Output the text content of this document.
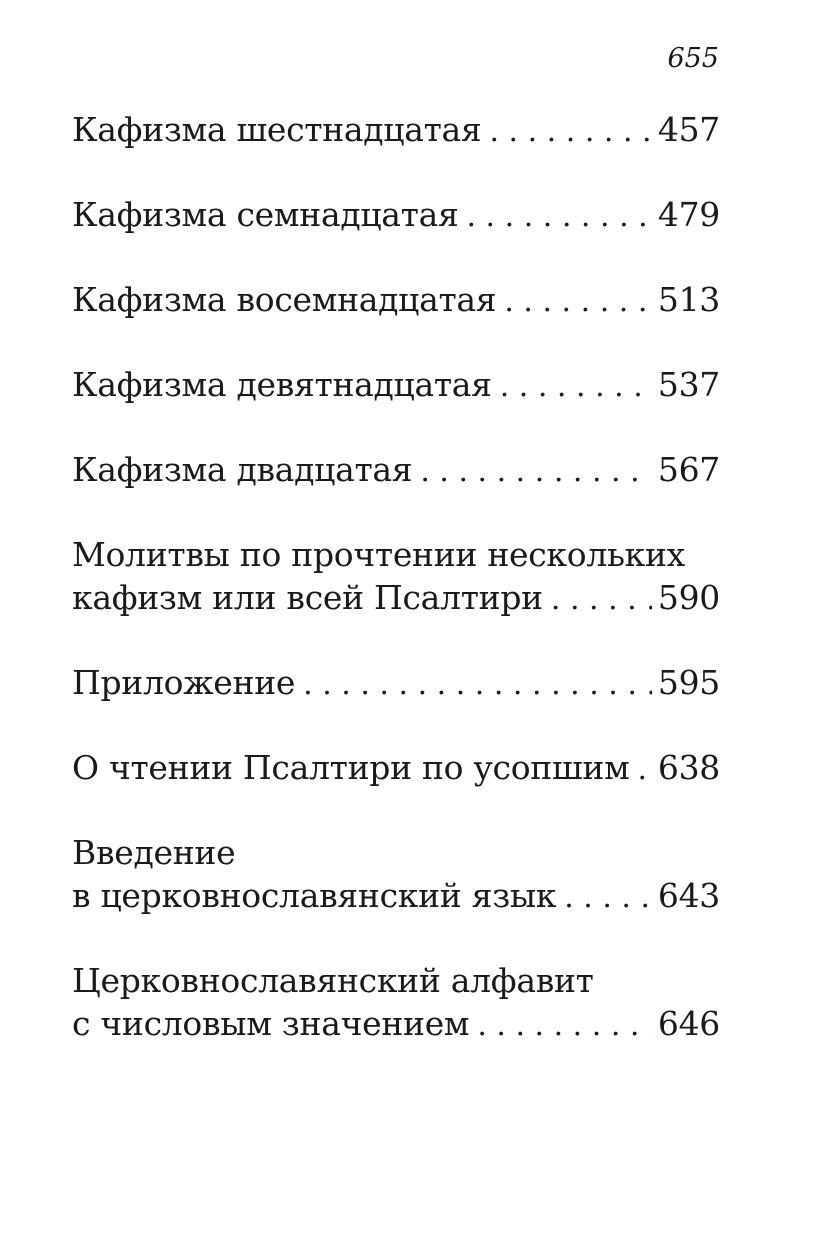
655
Кафизма шестнадцатая . . .	457
Кафизма семнадцатая . . .	479
Кафизма восемнадцатая . . .	513
Кафизма девятнадцатая . . .	537
Кафизма двадцатая . . .	567
Молитвы по прочтении нескольких
кафизм или всей Псалтири . . .	590
Приложение . . .	595
О чтении Псалтири по усопшим . . . 638
Введение
в церковнославянский язык . . .	643
Церковнославянский алфавит
с числовым значением . . .	646
